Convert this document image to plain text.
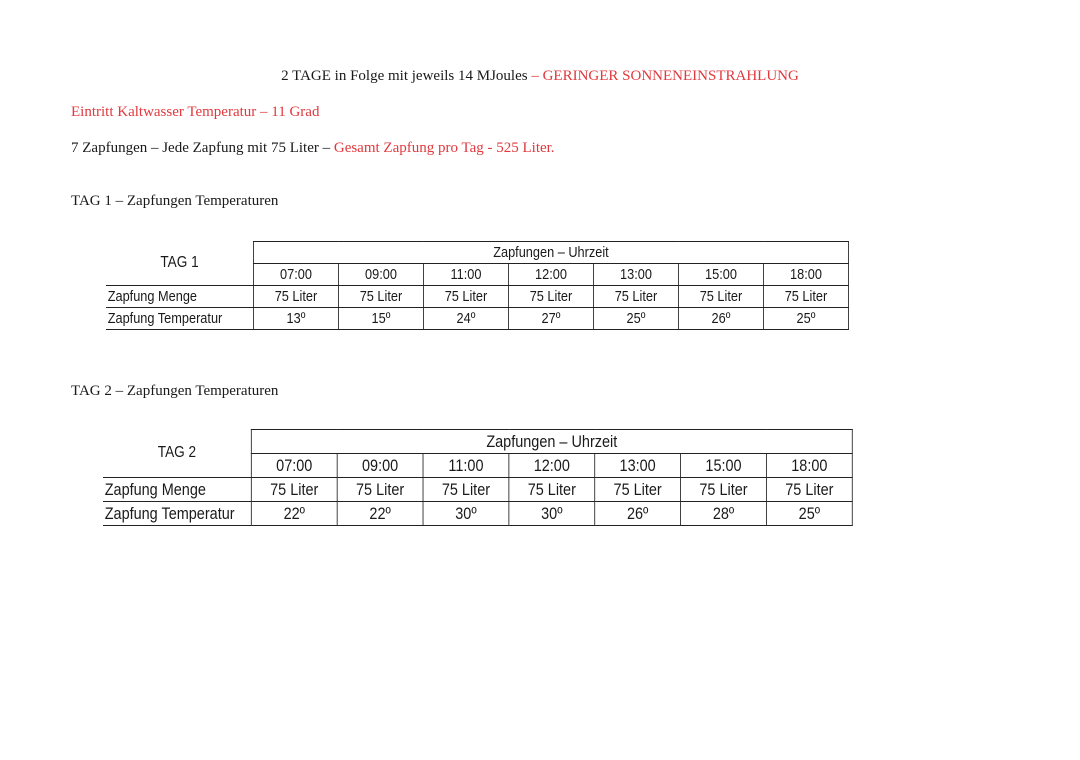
2 TAGE in Folge mit jeweils 14 MJoules – GERINGER SONNENEINSTRAHLUNG
Eintritt Kaltwasser Temperatur – 11 Grad
7 Zapfungen – Jede Zapfung mit 75 Liter – Gesamt Zapfung pro Tag - 525 Liter.
TAG 1 – Zapfungen Temperaturen
TAG 1	Zapfungen – Uhrzeit						
	07:00	09:00	11:00	12:00	13:00	15:00	18:00
Zapfung Menge	75 Liter	75 Liter	75 Liter	75 Liter	75 Liter	75 Liter	75 Liter
Zapfung Temperatur	13º	15º	24º	27º	25º	26º	25º
TAG 2 – Zapfungen Temperaturen
TAG 2	Zapfungen – Uhrzeit						
	07:00	09:00	11:00	12:00	13:00	15:00	18:00
Zapfung Menge	75 Liter	75 Liter	75 Liter	75 Liter	75 Liter	75 Liter	75 Liter
Zapfung Temperatur	22º	22º	30º	30º	26º	28º	25º
